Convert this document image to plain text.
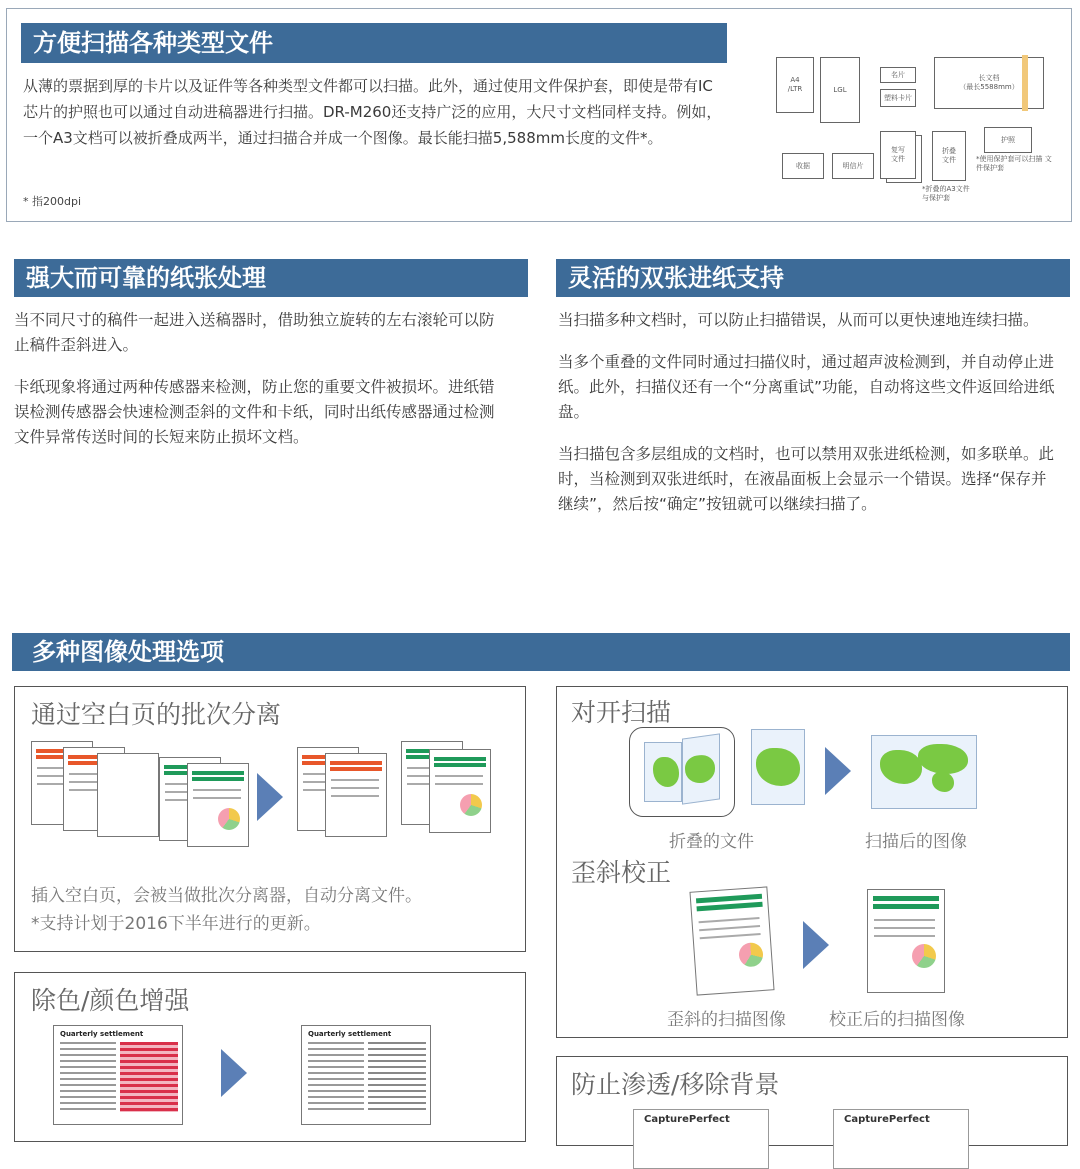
方便扫描各种类型文件

从薄的票据到厚的卡片以及证件等各种类型文件都可以扫描。此外，通过使用文件保护套，即使是带有IC芯片的护照也可以通过自动进稿器进行扫描。DR-M260还支持广泛的应用，大尺寸文档同样支持。例如，一个A3文档可以被折叠成两半，通过扫描合并成一个图像。最长能扫描5,588mm长度的文件*。

* 指200dpi
A4
/LTR	LGL
名片
塑料卡片
长文档
（最长5588mm）
收据	明信片
复写
文件
折叠
文件
*折叠的A3文件
与保护套
护照
*使用保护套可以扫描 文件保护套
强大而可靠的纸张处理

当不同尺寸的稿件一起进入送稿器时，借助独立旋转的左右滚轮可以防止稿件歪斜进入。

卡纸现象将通过两种传感器来检测，防止您的重要文件被损坏。进纸错误检测传感器会快速检测歪斜的文件和卡纸，同时出纸传感器通过检测文件异常传送时间的长短来防止损坏文档。

灵活的双张进纸支持

当扫描多种文档时，可以防止扫描错误，从而可以更快速地连续扫描。

当多个重叠的文件同时通过扫描仪时，通过超声波检测到，并自动停止进纸。此外，扫描仪还有一个“分离重试”功能，自动将这些文件返回给进纸盘。

当扫描包含多层组成的文档时，也可以禁用双张进纸检测，如多联单。此时，当检测到双张进纸时，在液晶面板上会显示一个错误。选择“保存并继续”，然后按“确定”按钮就可以继续扫描了。

多种图像处理选项
通过空白页的批次分离
插入空白页，会被当做批次分离器，自动分离文件。
*支持计划于2016下半年进行的更新。
除色/颜色增强
Quarterly settlement	Quarterly settlement
对开扫描
折叠的文件	扫描后的图像
歪斜校正
歪斜的扫描图像	校正后的扫描图像
防止渗透/移除背景
CapturePerfect	CapturePerfect
